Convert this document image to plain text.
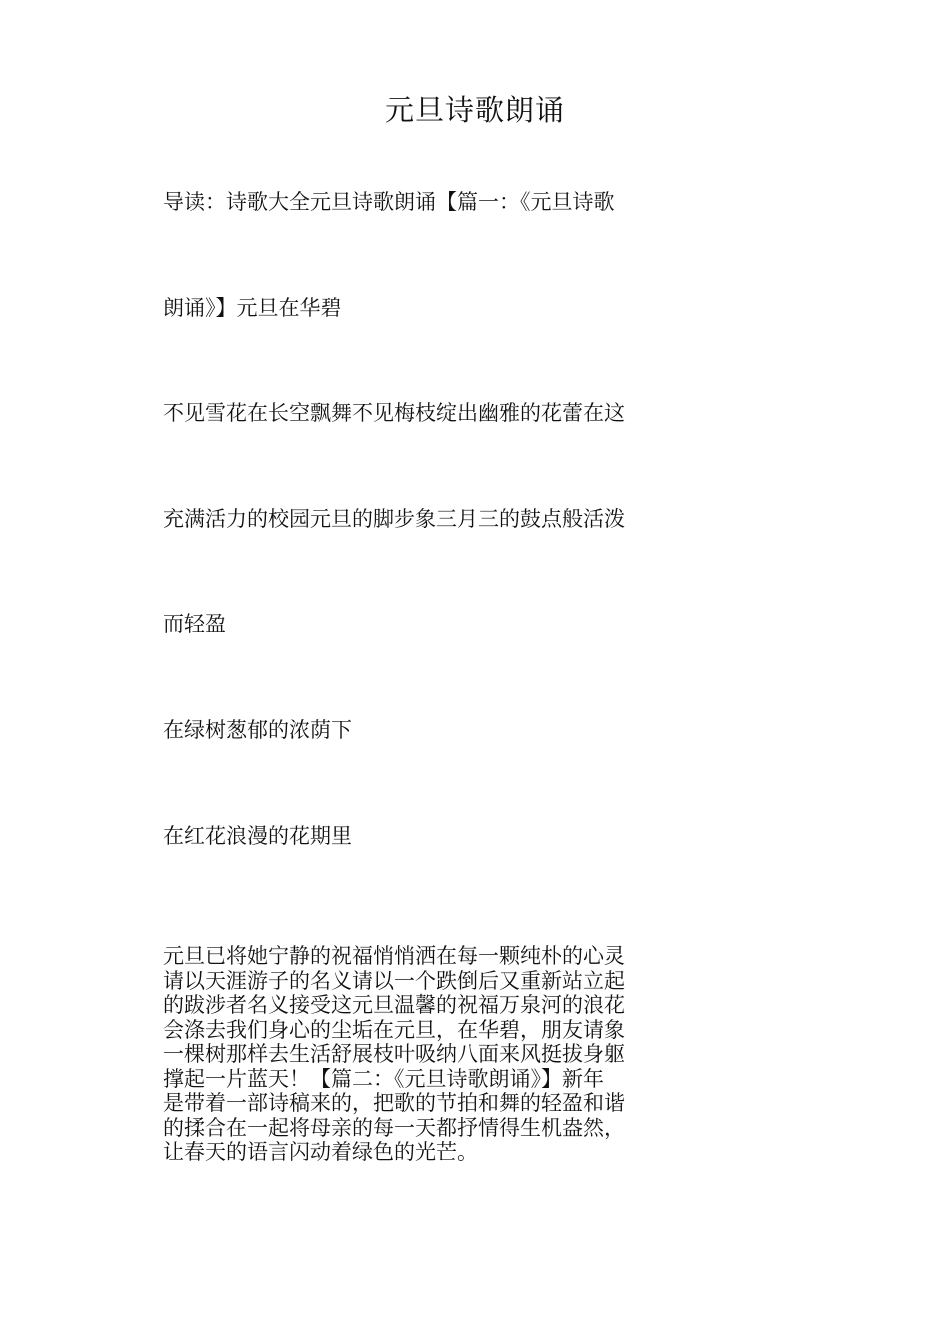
元旦诗歌朗诵
导读：诗歌大全元旦诗歌朗诵【篇一：《元旦诗歌
朗诵》】元旦在华碧
不见雪花在长空飘舞不见梅枝绽出幽雅的花蕾在这
充满活力的校园元旦的脚步象三月三的鼓点般活泼
而轻盈
在绿树葱郁的浓荫下
在红花浪漫的花期里
元旦已将她宁静的祝福悄悄洒在每一颗纯朴的心灵
请以天涯游子的名义请以一个跌倒后又重新站立起
的跋涉者名义接受这元旦温馨的祝福万泉河的浪花
会涤去我们身心的尘垢在元旦，在华碧，朋友请象
一棵树那样去生活舒展枝叶吸纳八面来风挺拔身躯
撑起一片蓝天！【篇二：《元旦诗歌朗诵》】新年
是带着一部诗稿来的，把歌的节拍和舞的轻盈和谐
的揉合在一起将母亲的每一天都抒情得生机盎然，
让春天的语言闪动着绿色的光芒。
